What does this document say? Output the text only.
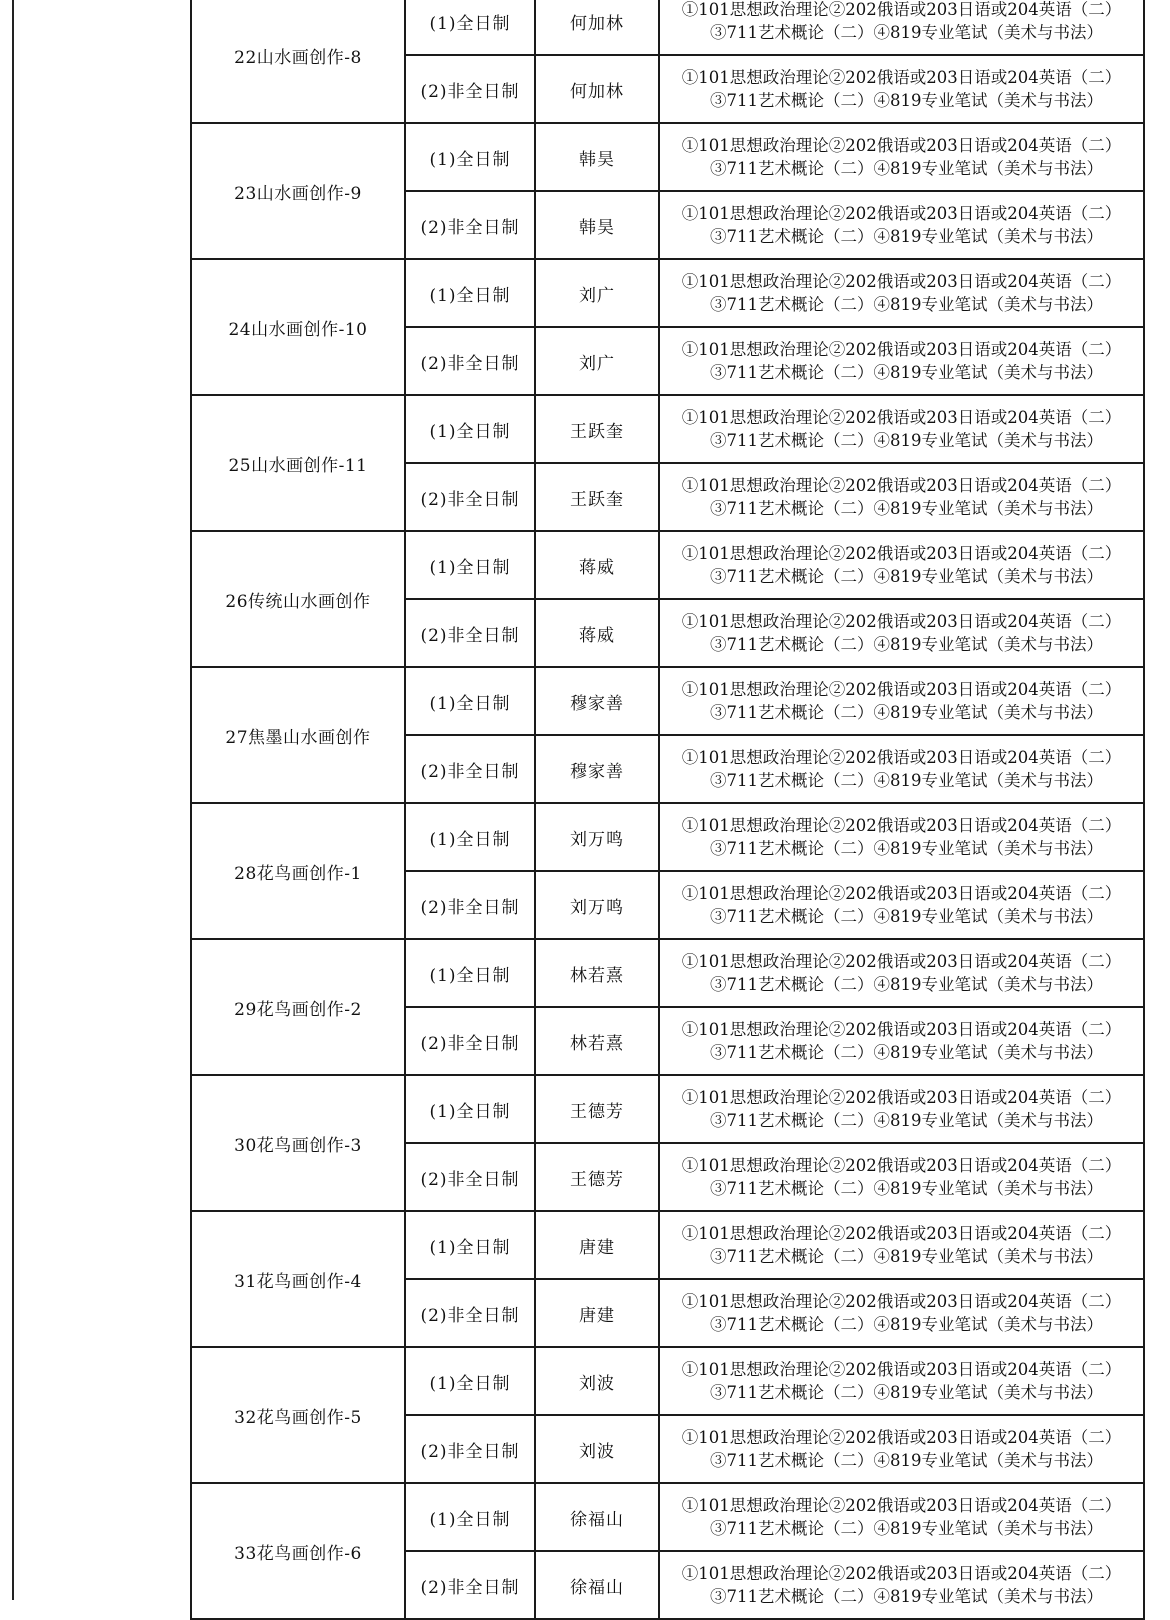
22山水画创作-8	(1)全日制	何加林	①101思想政治理论②202俄语或203日语或204英语（二）
③711艺术概论（二）④819专业笔试（美术与书法）

	(2)非全日制	何加林	①101思想政治理论②202俄语或203日语或204英语（二）
③711艺术概论（二）④819专业笔试（美术与书法）

23山水画创作-9	(1)全日制	韩昊	①101思想政治理论②202俄语或203日语或204英语（二）
③711艺术概论（二）④819专业笔试（美术与书法）

	(2)非全日制	韩昊	①101思想政治理论②202俄语或203日语或204英语（二）
③711艺术概论（二）④819专业笔试（美术与书法）

24山水画创作-10	(1)全日制	刘广	①101思想政治理论②202俄语或203日语或204英语（二）
③711艺术概论（二）④819专业笔试（美术与书法）

	(2)非全日制	刘广	①101思想政治理论②202俄语或203日语或204英语（二）
③711艺术概论（二）④819专业笔试（美术与书法）

25山水画创作-11	(1)全日制	王跃奎	①101思想政治理论②202俄语或203日语或204英语（二）
③711艺术概论（二）④819专业笔试（美术与书法）

	(2)非全日制	王跃奎	①101思想政治理论②202俄语或203日语或204英语（二）
③711艺术概论（二）④819专业笔试（美术与书法）

26传统山水画创作	(1)全日制	蒋威	①101思想政治理论②202俄语或203日语或204英语（二）
③711艺术概论（二）④819专业笔试（美术与书法）

	(2)非全日制	蒋威	①101思想政治理论②202俄语或203日语或204英语（二）
③711艺术概论（二）④819专业笔试（美术与书法）

27焦墨山水画创作	(1)全日制	穆家善	①101思想政治理论②202俄语或203日语或204英语（二）
③711艺术概论（二）④819专业笔试（美术与书法）

	(2)非全日制	穆家善	①101思想政治理论②202俄语或203日语或204英语（二）
③711艺术概论（二）④819专业笔试（美术与书法）

28花鸟画创作-1	(1)全日制	刘万鸣	①101思想政治理论②202俄语或203日语或204英语（二）
③711艺术概论（二）④819专业笔试（美术与书法）

	(2)非全日制	刘万鸣	①101思想政治理论②202俄语或203日语或204英语（二）
③711艺术概论（二）④819专业笔试（美术与书法）

29花鸟画创作-2	(1)全日制	林若熹	①101思想政治理论②202俄语或203日语或204英语（二）
③711艺术概论（二）④819专业笔试（美术与书法）

	(2)非全日制	林若熹	①101思想政治理论②202俄语或203日语或204英语（二）
③711艺术概论（二）④819专业笔试（美术与书法）

30花鸟画创作-3	(1)全日制	王德芳	①101思想政治理论②202俄语或203日语或204英语（二）
③711艺术概论（二）④819专业笔试（美术与书法）

	(2)非全日制	王德芳	①101思想政治理论②202俄语或203日语或204英语（二）
③711艺术概论（二）④819专业笔试（美术与书法）

31花鸟画创作-4	(1)全日制	唐建	①101思想政治理论②202俄语或203日语或204英语（二）
③711艺术概论（二）④819专业笔试（美术与书法）

	(2)非全日制	唐建	①101思想政治理论②202俄语或203日语或204英语（二）
③711艺术概论（二）④819专业笔试（美术与书法）

32花鸟画创作-5	(1)全日制	刘波	①101思想政治理论②202俄语或203日语或204英语（二）
③711艺术概论（二）④819专业笔试（美术与书法）

	(2)非全日制	刘波	①101思想政治理论②202俄语或203日语或204英语（二）
③711艺术概论（二）④819专业笔试（美术与书法）

33花鸟画创作-6	(1)全日制	徐福山	①101思想政治理论②202俄语或203日语或204英语（二）
③711艺术概论（二）④819专业笔试（美术与书法）

	(2)非全日制	徐福山	①101思想政治理论②202俄语或203日语或204英语（二）
③711艺术概论（二）④819专业笔试（美术与书法）
